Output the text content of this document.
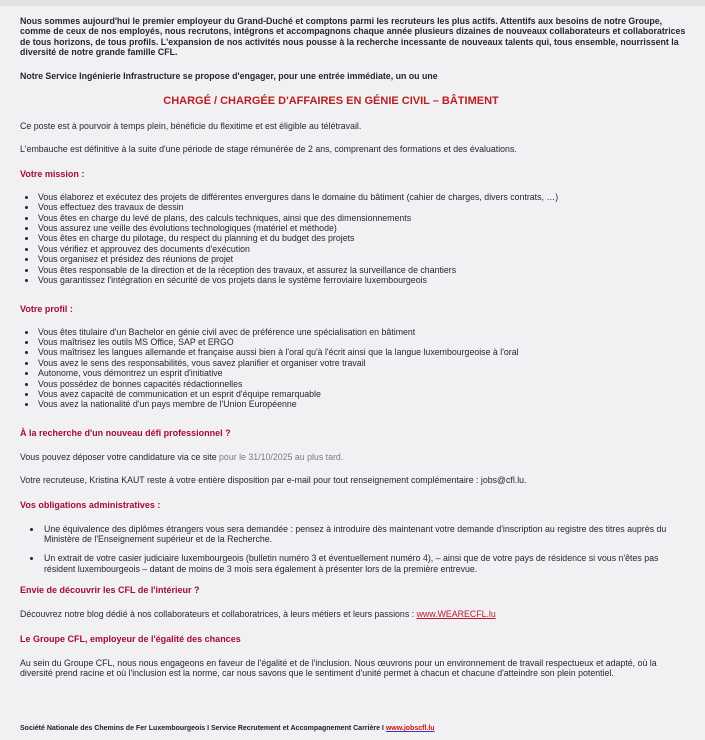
Nous sommes aujourd'hui le premier employeur du Grand-Duché et comptons parmi les recruteurs les plus actifs. Attentifs aux besoins de notre Groupe, comme de ceux de nos employés, nous recrutons, intégrons et accompagnons chaque année plusieurs dizaines de nouveaux collaborateurs et collaboratrices de tous horizons, de tous profils. L'expansion de nos activités nous pousse à la recherche incessante de nouveaux talents qui, tous ensemble, nourrissent la diversité de notre grande famille CFL.

Notre Service Ingénierie Infrastructure se propose d'engager, pour une entrée immédiate, un ou une

CHARGÉ / CHARGÉE D'AFFAIRES EN GÉNIE CIVIL – BÂTIMENT

Ce poste est à pourvoir à temps plein, bénéficie du flexitime et est éligible au télétravail.

L'embauche est définitive à la suite d'une période de stage rémunérée de 2 ans, comprenant des formations et des évaluations.

Votre mission :
• Vous élaborez et exécutez des projets de différentes envergures dans le domaine du bâtiment (cahier de charges, divers contrats, …)
• Vous effectuez des travaux de dessin
• Vous êtes en charge du levé de plans, des calculs techniques, ainsi que des dimensionnements
• Vous assurez une veille des évolutions technologiques (matériel et méthode)
• Vous êtes en charge du pilotage, du respect du planning et du budget des projets
• Vous vérifiez et approuvez des documents d'exécution
• Vous organisez et présidez des réunions de projet
• Vous êtes responsable de la direction et de la réception des travaux, et assurez la surveillance de chantiers
• Vous garantissez l'intégration en sécurité de vos projets dans le système ferroviaire luxembourgeois
Votre profil :
• Vous êtes titulaire d'un Bachelor en génie civil avec de préférence une spécialisation en bâtiment
• Vous maîtrisez les outils MS Office, SAP et ERGO
• Vous maîtrisez les langues allemande et française aussi bien à l'oral qu'à l'écrit ainsi que la langue luxembourgeoise à l'oral
• Vous avez le sens des responsabilités, vous savez planifier et organiser votre travail
• Autonome, vous démontrez un esprit d'initiative
• Vous possédez de bonnes capacités rédactionnelles
• Vous avez capacité de communication et un esprit d'équipe remarquable
• Vous avez la nationalité d'un pays membre de l'Union Européenne
À la recherche d'un nouveau défi professionnel ?

Vous pouvez déposer votre candidature via ce site pour le 31/10/2025 au plus tard.

Votre recruteuse, Kristina KAUT reste à votre entière disposition par e-mail pour tout renseignement complémentaire : jobs@cfl.lu.

Vos obligations administratives :
• Une équivalence des diplômes étrangers vous sera demandée : pensez à introduire dès maintenant votre demande d'inscription au registre des titres auprès du Ministère de l'Enseignement supérieur et de la Recherche.
• Un extrait de votre casier judiciaire luxembourgeois (bulletin numéro 3 et éventuellement numéro 4), – ainsi que de votre pays de résidence si vous n'êtes pas résident luxembourgeois – datant de moins de 3 mois sera également à présenter lors de la première entrevue.
Envie de découvrir les CFL de l'intérieur ?

Découvrez notre blog dédié à nos collaborateurs et collaboratrices, à leurs métiers et leurs passions : www.WEARECFL.lu

Le Groupe CFL, employeur de l'égalité des chances

Au sein du Groupe CFL, nous nous engageons en faveur de l'égalité et de l'inclusion. Nous œuvrons pour un environnement de travail respectueux et adapté, où la diversité prend racine et où l'inclusion est la norme, car nous savons que le sentiment d'unité permet à chacun et chacune d'atteindre son plein potentiel.

Société Nationale des Chemins de Fer Luxembourgeois I Service Recrutement et Accompagnement Carrière I www.jobscfl.lu
